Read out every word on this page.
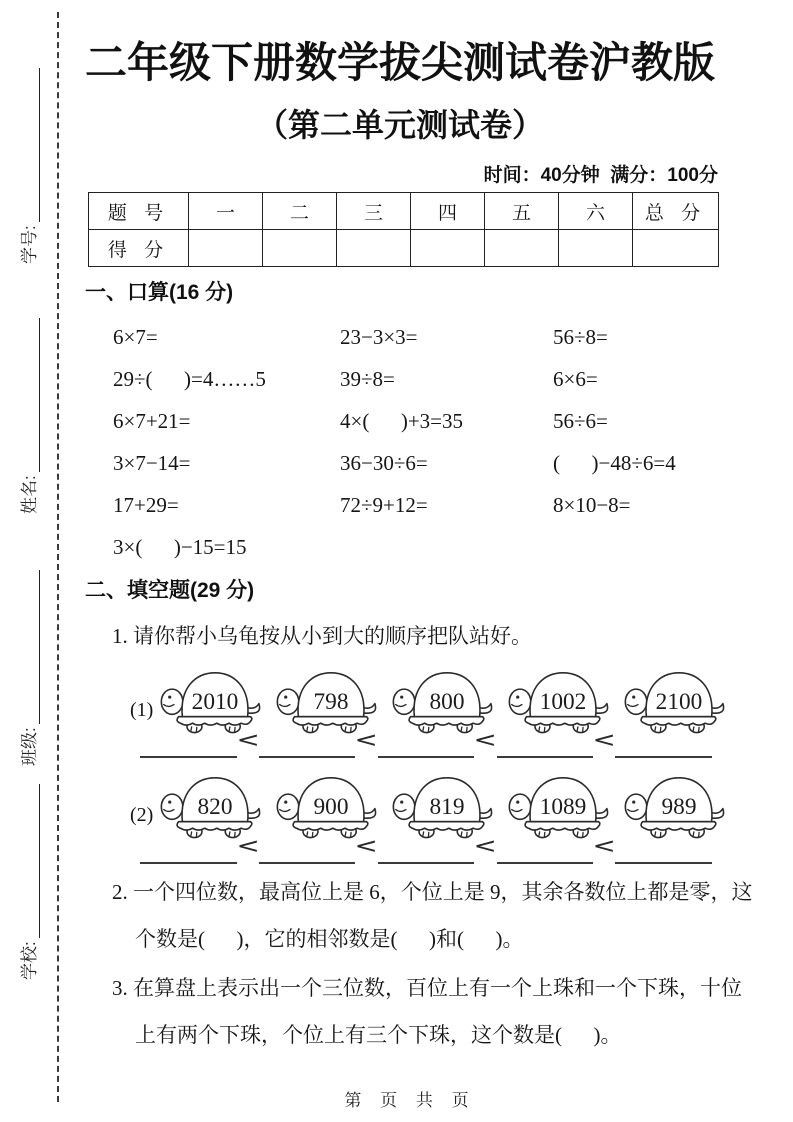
学号:
姓名:
班级:
学校:
二年级下册数学拔尖测试卷沪教版
（第二单元测试卷）
时间：40分钟  满分：100分
题 号	一	二	三	四	五	六	总 分
得 分							
一、口算(16 分)
6×7=	23−3×3=	56÷8=
29÷(      )=4……5	39÷8=	6×6=
6×7+21=	4×(      )+3=35	56÷6=
3×7−14=	36−30÷6=	(      )−48÷6=4
17+29=	72÷9+12=	8×10−8=
3×(      )−15=15
二、填空题(29 分)
1. 请你帮小乌龟按从小到大的顺序把队站好。
(1) 2010	798	800	1002	2100
<	<	<	<
(2) 820	900	819	1089	989
<	<	<	<
2. 一个四位数，最高位上是 6，个位上是 9，其余各数位上都是零，这
个数是(      )，它的相邻数是(      )和(      )。
3. 在算盘上表示出一个三位数，百位上有一个上珠和一个下珠，十位
上有两个下珠，个位上有三个下珠，这个数是(      )。
第 页 共 页
